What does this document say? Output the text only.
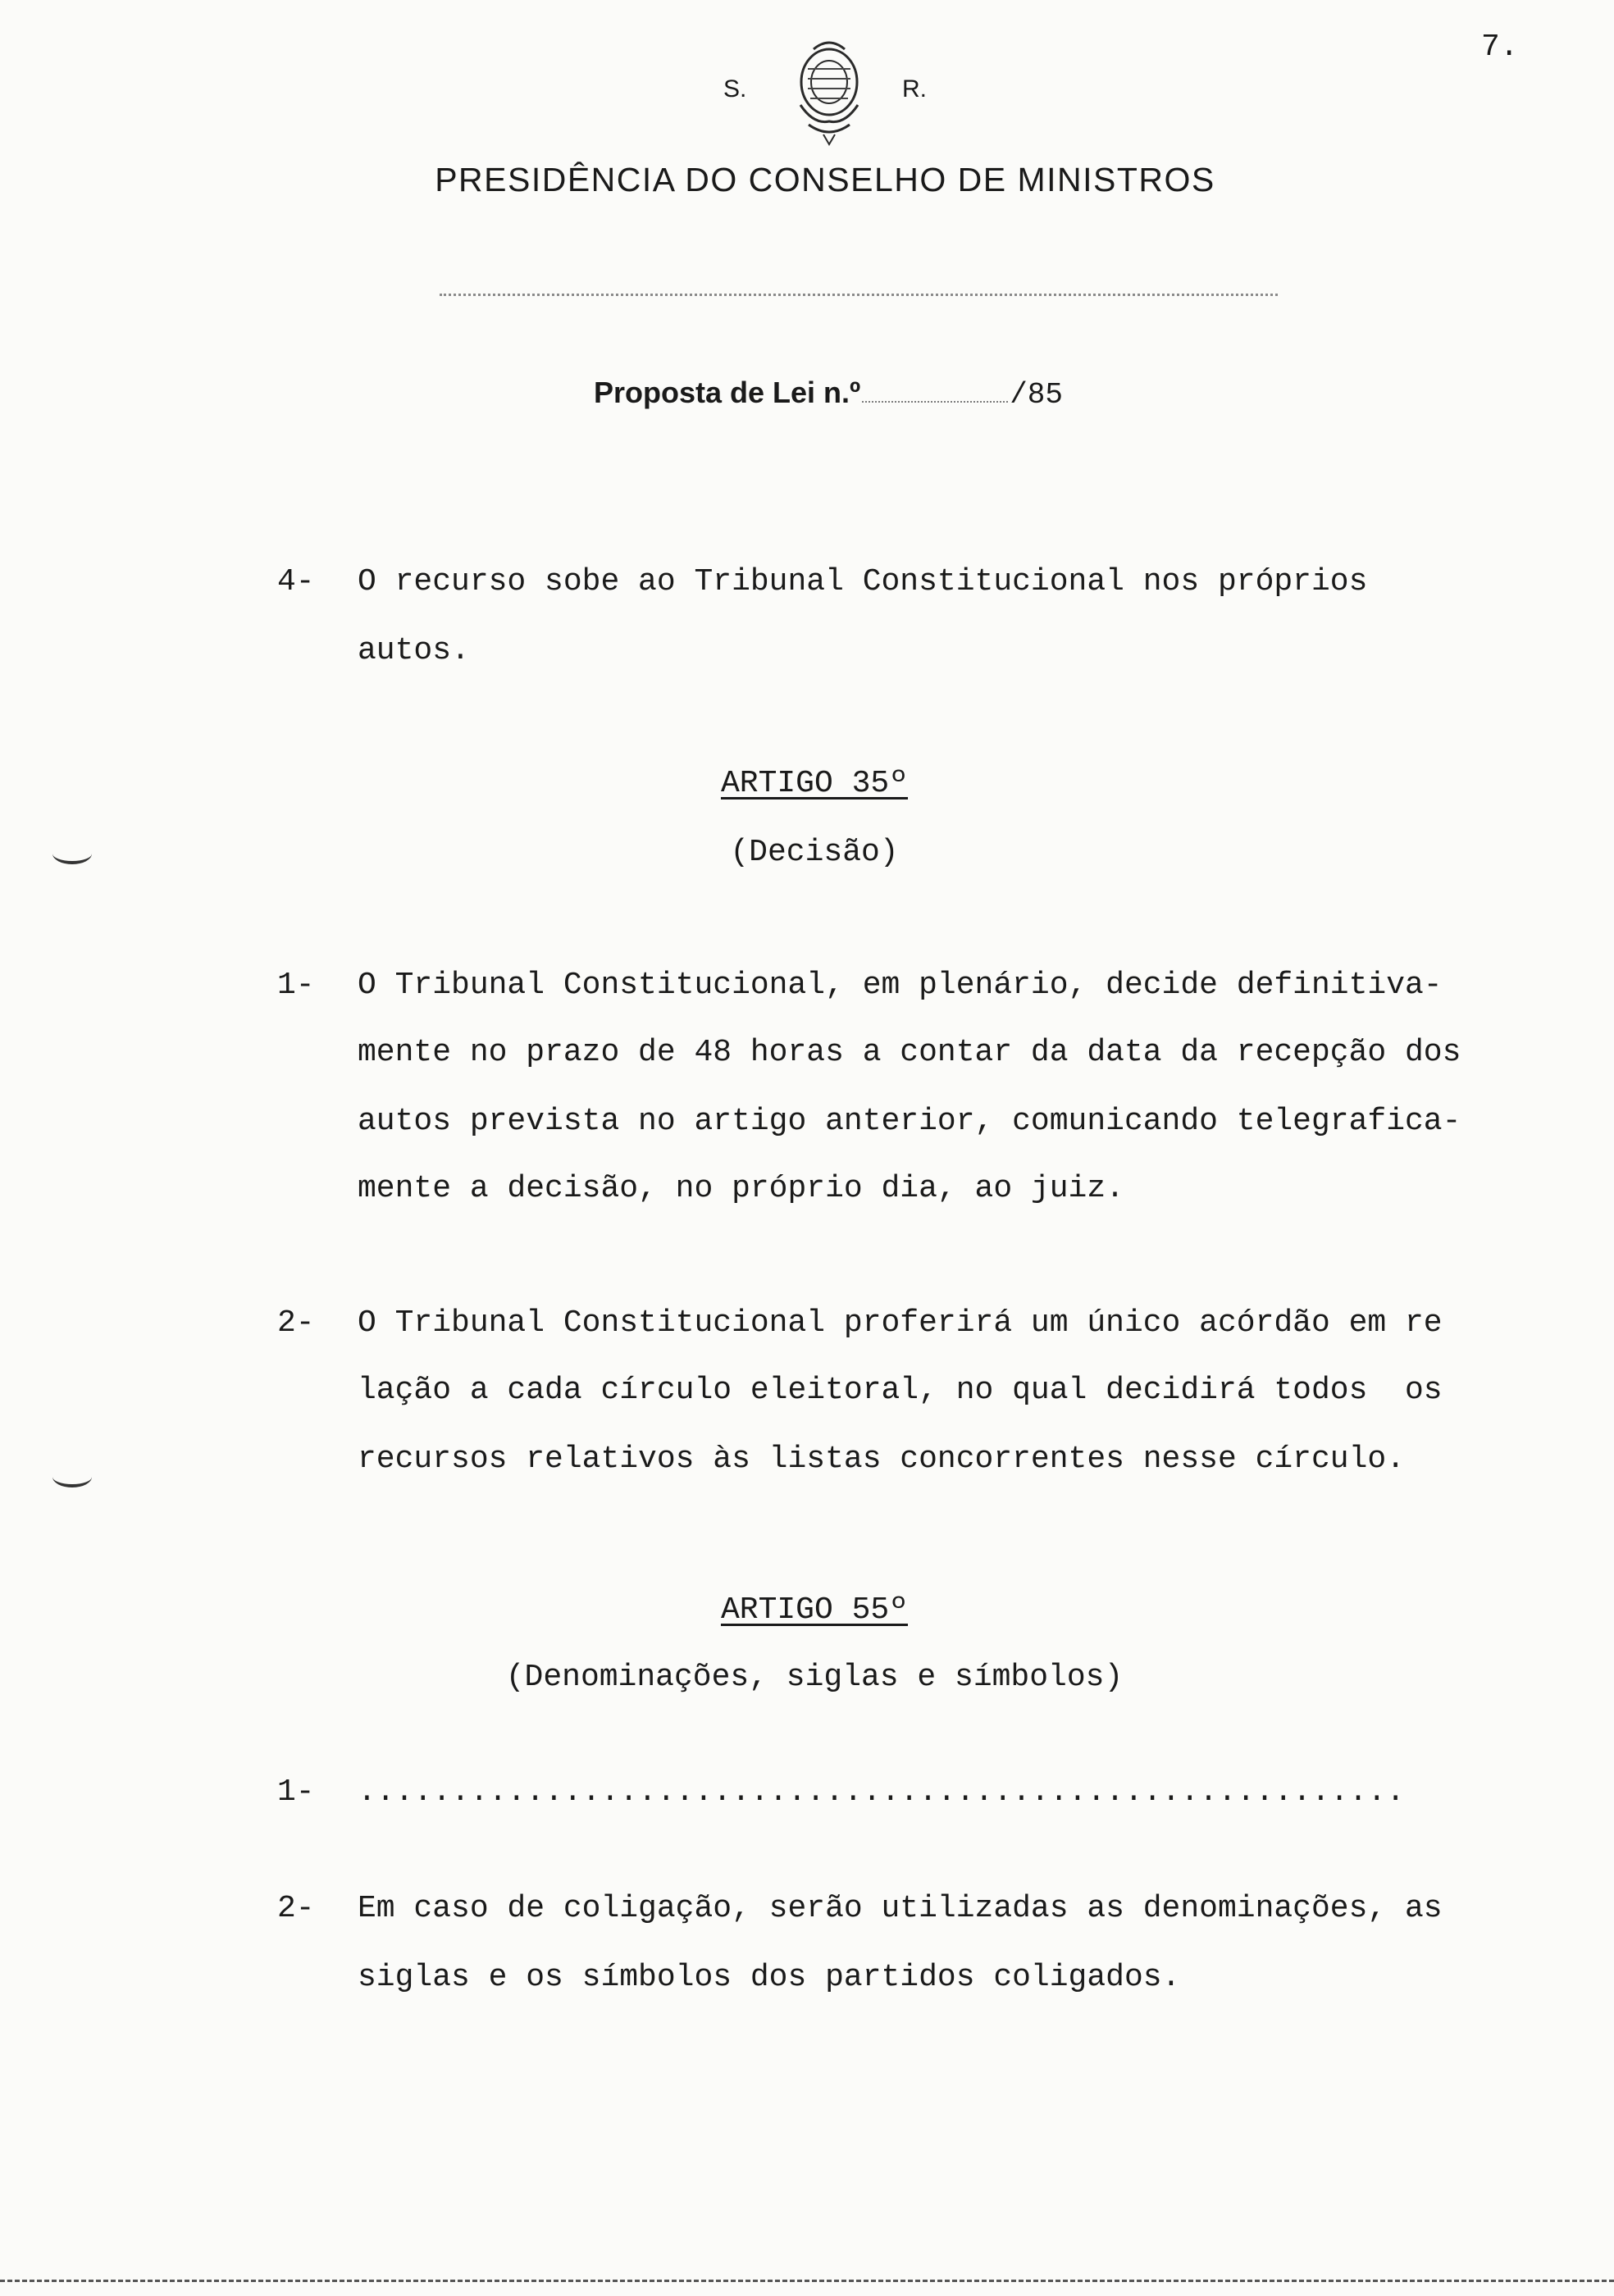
7.
S.	R.
PRESIDÊNCIA DO CONSELHO DE MINISTROS
Proposta de Lei n.º	/85
4- O recurso sobe ao Tribunal Constitucional nos próprios
autos.
ARTIGO 35º
(Decisão)
1- O Tribunal Constitucional, em plenário, decide definitiva-
mente no prazo de 48 horas a contar da data da recepção dos
autos prevista no artigo anterior, comunicando telegrafica-
mente a decisão, no próprio dia, ao juiz.
2- O Tribunal Constitucional proferirá um único acórdão em re
lação a cada círculo eleitoral, no qual decidirá todos  os
recursos relativos às listas concorrentes nesse círculo.
ARTIGO 55º
(Denominações, siglas e símbolos)
1- ........................................................
2- Em caso de coligação, serão utilizadas as denominações, as
siglas e os símbolos dos partidos coligados.
